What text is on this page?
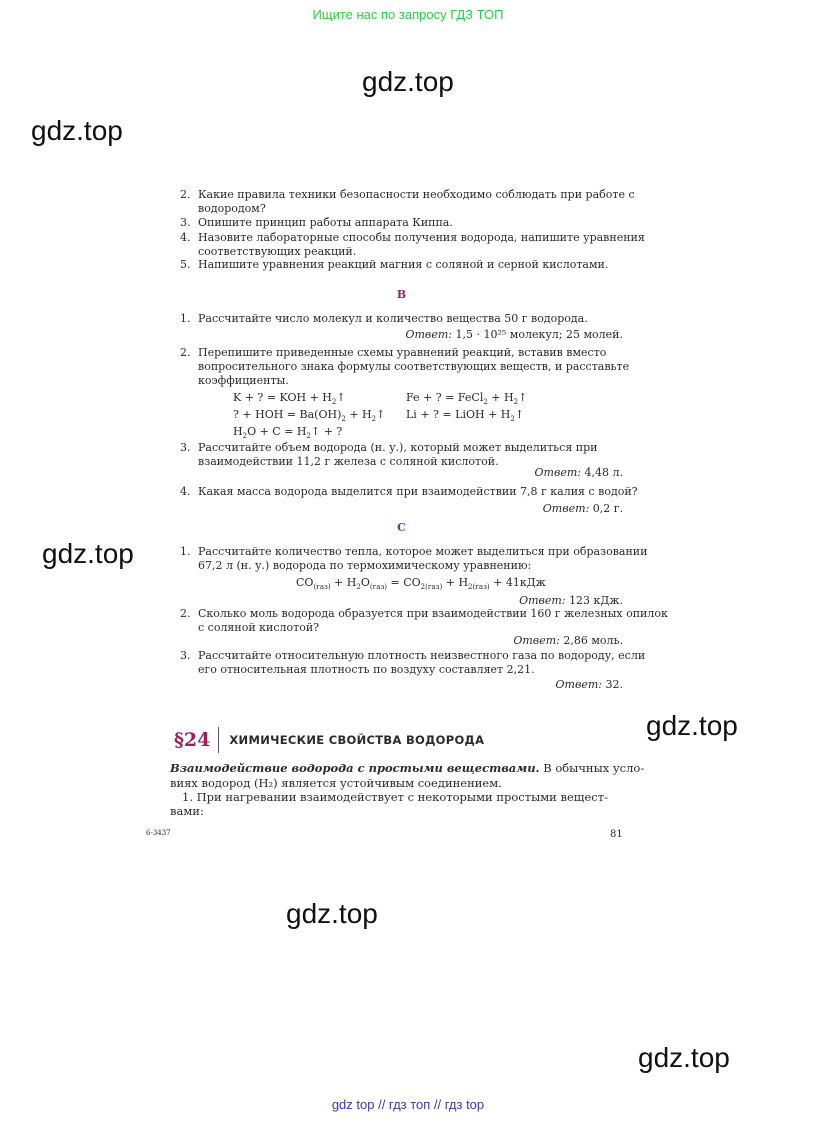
Ищите нас по запросу ГДЗ ТОП
gdz.top
gdz.top
gdz.top
gdz.top
gdz.top
gdz.top
2. Какие правила техники безопасности необходимо соблюдать при работе с
водородом?
3. Опишите принцип работы аппарата Киппа.
4. Назовите лабораторные способы получения водорода, напишите уравнения
соответствующих реакций.
5. Напишите уравнения реакций магния с соляной и серной кислотами.
B
1. Рассчитайте число молекул и количество вещества 50 г водорода.
Ответ: 1,5 · 10²⁵ молекул; 25 молей.
2. Перепишите приведенные схемы уравнений реакций, вставив вместо
вопросительного знака формулы соответствующих веществ, и расставьте
коэффициенты.
K + ? = KOH + $H_2↑$	Fe + ? = FeCl$_2$ + $H_2↑$
? + HOH = $Ba(OH)_2$ + $H_2↑$ Li + ? = LiOH + $H_2↑$
$H_2O + C$ = $H_2↑$ + ?
3. Рассчитайте объем водорода (н. у.), который может выделиться при
взаимодействии 11,2 г железа с соляной кислотой.
Ответ: 4,48 л.
4. Какая масса водорода выделится при взаимодействии 7,8 г калия с водой?
Ответ: 0,2 г.
C
1. Рассчитайте количество тепла, которое может выделиться при образовании
67,2 л (н. у.) водорода по термохимическому уравнению:
$CO_{(газ)} + H_2O_{(газ)} = CO_{2(газ)} + H_{2(газ)} + 41кДж$
Ответ: 123 кДж.
2. Сколько моль водорода образуется при взаимодействии 160 г железных опилок
с соляной кислотой?
Ответ: 2,86 моль.
3. Рассчитайте относительную плотность неизвестного газа по водороду, если
его относительная плотность по воздуху составляет 2,21.
Ответ: 32.
§24 ХИМИЧЕСКИЕ СВОЙСТВА ВОДОРОДА
Взаимодействие водорода с простыми веществами. В обычных усло-
виях водород (H₂) является устойчивым соединением.
1. При нагревании взаимодействует с некоторыми простыми вещест-
вами:
6-3437	81
gdz top // гдз топ // гдз top
